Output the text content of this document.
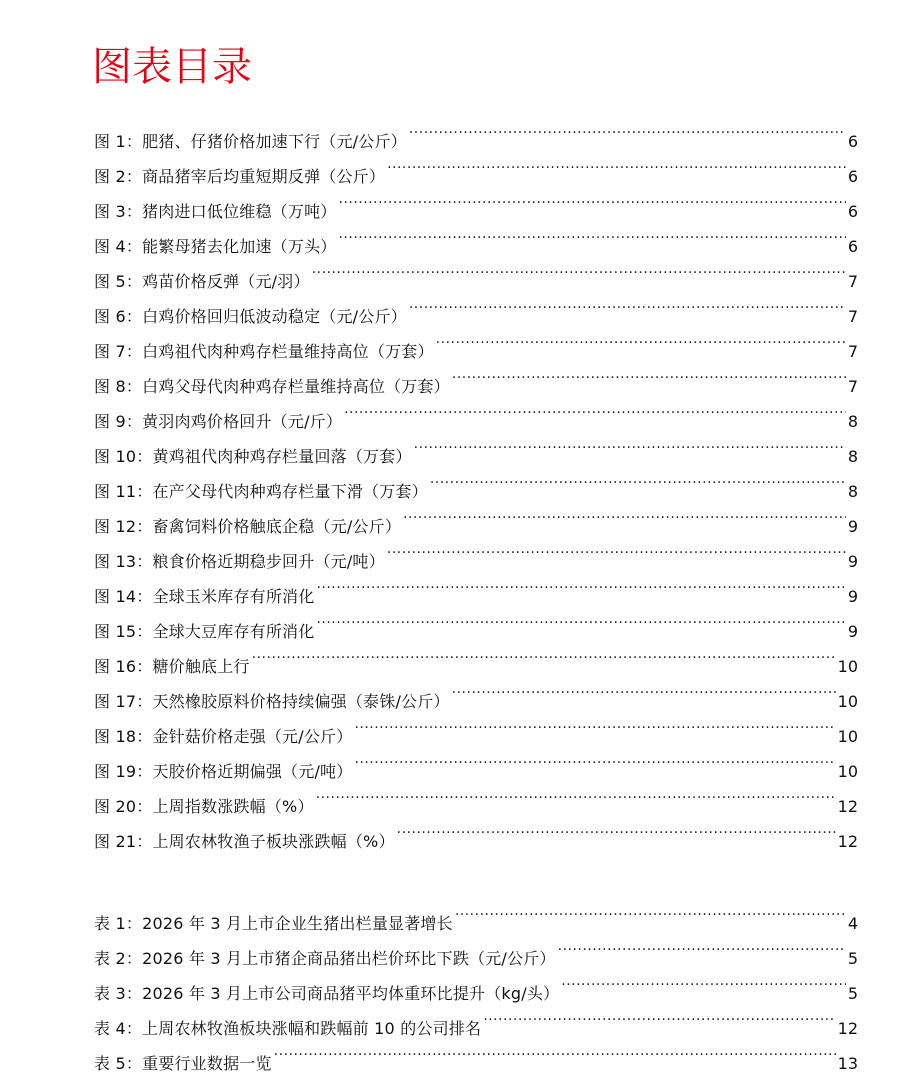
图表目录
图 1：肥猪、仔猪价格加速下行（元/公斤） .....	6
图 2：商品猪宰后均重短期反弹（公斤） .....	6
图 3：猪肉进口低位维稳（万吨） .....	6
图 4：能繁母猪去化加速（万头） .....	6
图 5：鸡苗价格反弹（元/羽） .....	7
图 6：白鸡价格回归低波动稳定（元/公斤） .....	7
图 7：白鸡祖代肉种鸡存栏量维持高位（万套） .....	7
图 8：白鸡父母代肉种鸡存栏量维持高位（万套） .....	7
图 9：黄羽肉鸡价格回升（元/斤） .....	8
图 10：黄鸡祖代肉种鸡存栏量回落（万套） .....	8
图 11：在产父母代肉种鸡存栏量下滑（万套） .....	8
图 12：畜禽饲料价格触底企稳（元/公斤） .....	9
图 13：粮食价格近期稳步回升（元/吨） .....	9
图 14：全球玉米库存有所消化 .....	9
图 15：全球大豆库存有所消化 .....	9
图 16：糖价触底上行 .....	10
图 17：天然橡胶原料价格持续偏强（泰铢/公斤） .....	10
图 18：金针菇价格走强（元/公斤） .....	10
图 19：天胶价格近期偏强（元/吨） .....	10
图 20：上周指数涨跌幅（%） .....	12
图 21：上周农林牧渔子板块涨跌幅（%） .....	12
表 1：2026 年 3 月上市企业生猪出栏量显著增长 .....	4
表 2：2026 年 3 月上市猪企商品猪出栏价环比下跌（元/公斤） .....	5
表 3：2026 年 3 月上市公司商品猪平均体重环比提升（kg/头） .....	5
表 4：上周农林牧渔板块涨幅和跌幅前 10 的公司排名 .....	12
表 5：重要行业数据一览 .....	13
